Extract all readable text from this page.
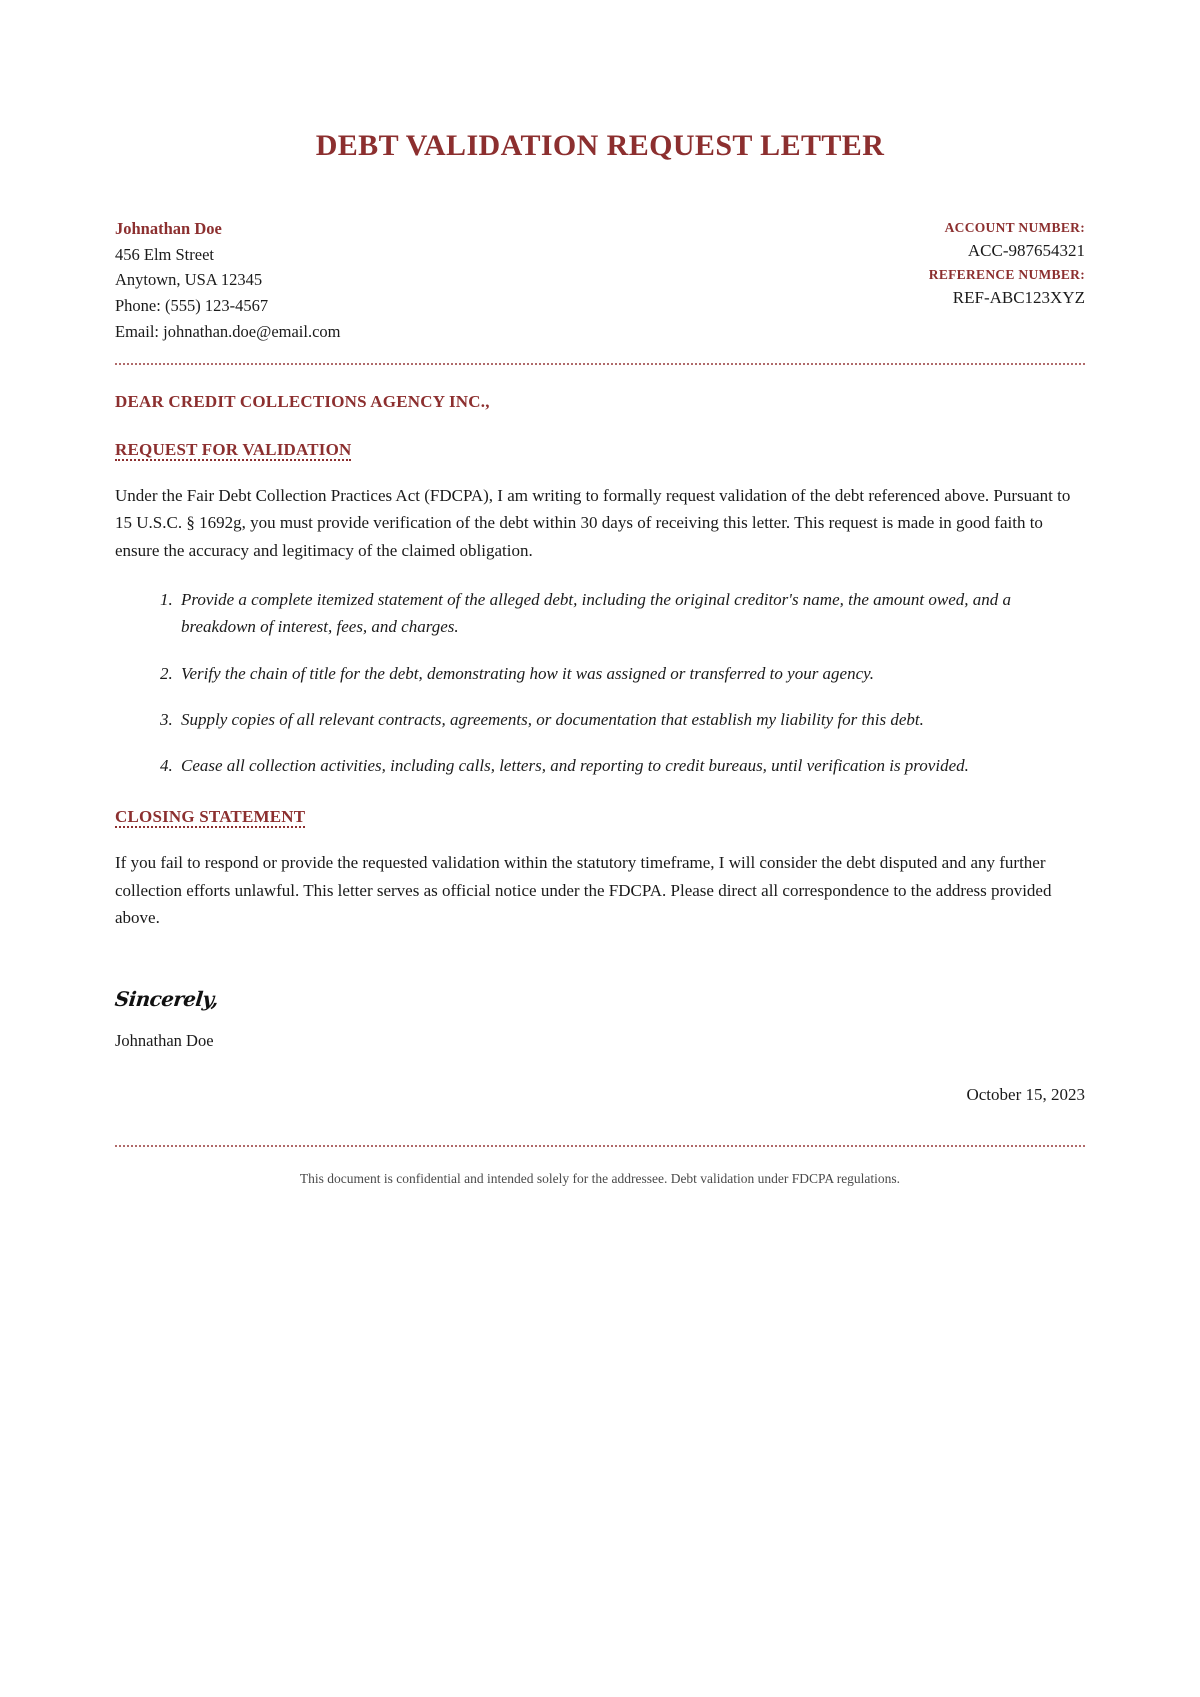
DEBT VALIDATION REQUEST LETTER
Johnathan Doe
456 Elm Street
Anytown, USA 12345
Phone: (555) 123-4567
Email: johnathan.doe@email.com
ACCOUNT NUMBER:
ACC-987654321
REFERENCE NUMBER:
REF-ABC123XYZ
DEAR CREDIT COLLECTIONS AGENCY INC.,
REQUEST FOR VALIDATION

Under the Fair Debt Collection Practices Act (FDCPA), I am writing to formally request validation of the debt referenced above. Pursuant to 15 U.S.C. § 1692g, you must provide verification of the debt within 30 days of receiving this letter. This request is made in good faith to ensure the accuracy and legitimacy of the claimed obligation.

1. Provide a complete itemized statement of the alleged debt, including the original creditor's name, the amount owed, and a breakdown of interest, fees, and charges.
2. Verify the chain of title for the debt, demonstrating how it was assigned or transferred to your agency.
3. Supply copies of all relevant contracts, agreements, or documentation that establish my liability for this debt.
4. Cease all collection activities, including calls, letters, and reporting to credit bureaus, until verification is provided.
CLOSING STATEMENT

If you fail to respond or provide the requested validation within the statutory timeframe, I will consider the debt disputed and any further collection efforts unlawful. This letter serves as official notice under the FDCPA. Please direct all correspondence to the address provided above.

Sincerely,
Johnathan Doe
October 15, 2023
This document is confidential and intended solely for the addressee. Debt validation under FDCPA regulations.
